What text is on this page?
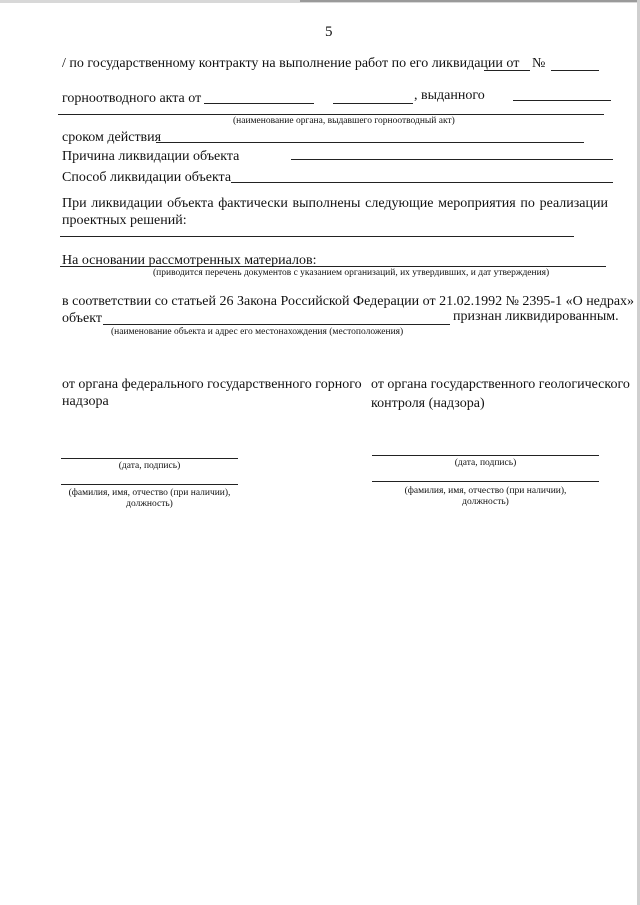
5
/ по государственному контракту на выполнение работ по его ликвидации от №
горноотводного акта от	, выданного
(наименование органа, выдавшего горноотводный акт)
сроком действия
Причина ликвидации объекта
Способ ликвидации объекта
При ликвидации объекта фактически выполнены следующие мероприятия по реализации
проектных решений:
На основании рассмотренных материалов:
(приводится перечень документов с указанием организаций, их утвердивших, и дат утверждения)
в соответствии со статьей 26 Закона Российской Федерации от 21.02.1992 № 2395-1 «О недрах»
объект	признан ликвидированным.
(наименование объекта и адрес его местонахождения (местоположения)
от органа федерального государственного горного
надзора
(дата, подпись)
(фамилия, имя, отчество (при наличии),
должность)
от органа государственного геологического
контроля (надзора)
(дата, подпись)
(фамилия, имя, отчество (при наличии),
должность)
